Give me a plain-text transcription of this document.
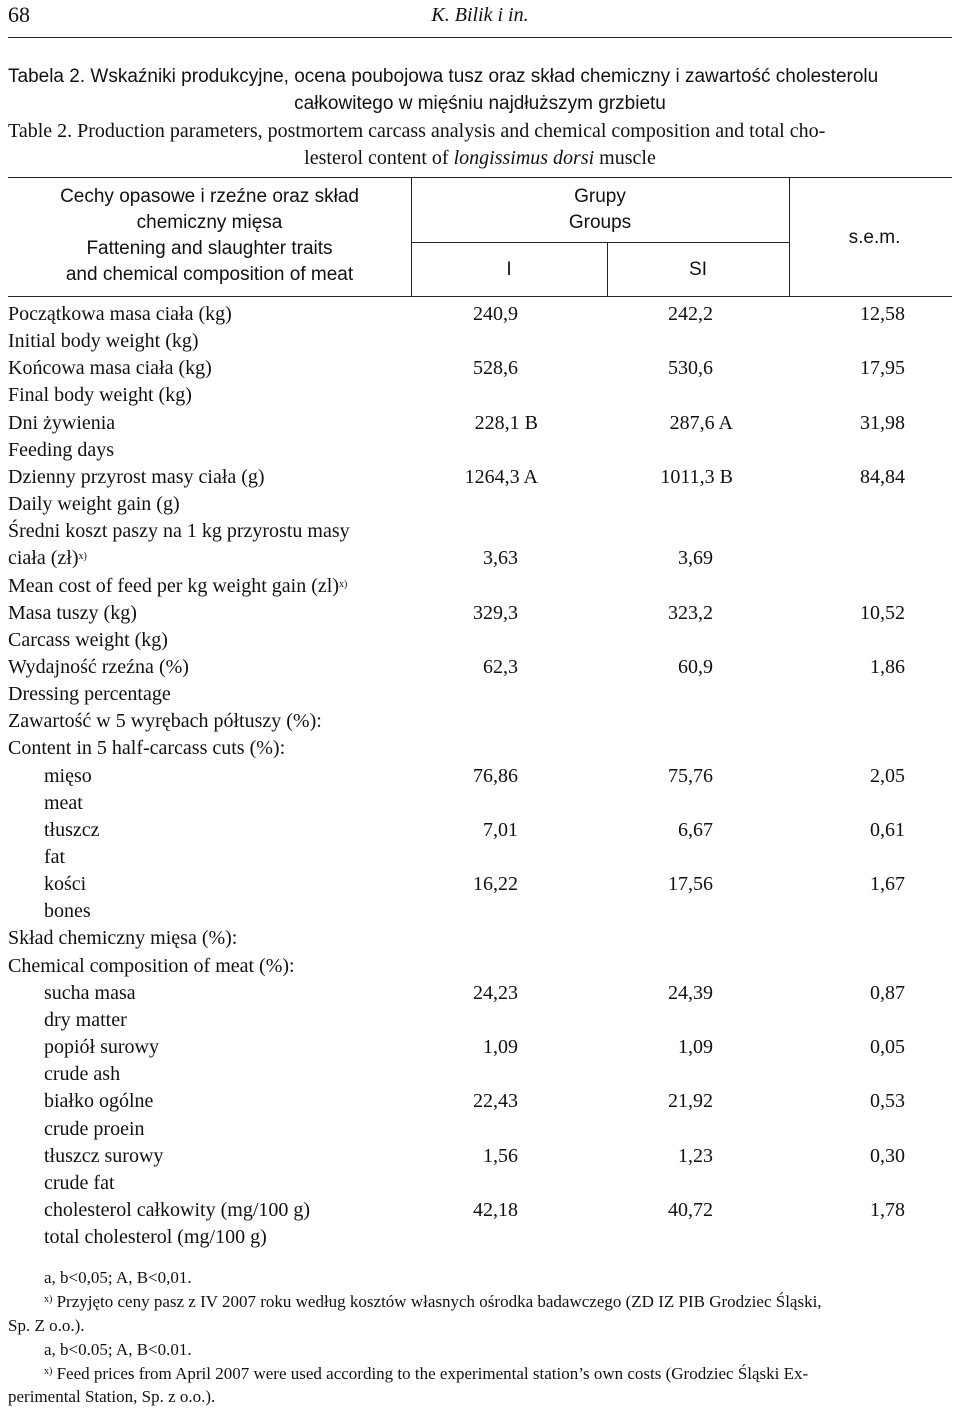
68	K. Bilik i in.
Tabela 2. Wskaźniki produkcyjne, ocena poubojowa tusz oraz skład chemiczny i zawartość cholesterolu
całkowitego w mięśniu najdłuższym grzbietu
Table 2. Production parameters, postmortem carcass analysis and chemical composition and total cho-
lesterol content of longissimus dorsi muscle
Cechy opasowe i rzeźne oraz skład
chemiczny mięsa
Fattening and slaughter traits
and chemical composition of meat
Grupy
Groups
I	SI
s.e.m.
Początkowa masa ciała (kg)	240,9	242,2	12,58
Initial body weight (kg)
Końcowa masa ciała (kg)	528,6	530,6	17,95
Final body weight (kg)
Dni żywienia	228,1 B	287,6 A	31,98
Feeding days
Dzienny przyrost masy ciała (g)	1264,3 A	1011,3 B	84,84
Daily weight gain (g)
Średni koszt paszy na 1 kg przyrostu masy
ciała (zł)$^{x)}$	3,63	3,69
Mean cost of feed per kg weight gain (zl)$^{x)}$
Masa tuszy (kg)	329,3	323,2	10,52
Carcass weight (kg)
Wydajność rzeźna (%)	62,3	60,9	1,86
Dressing percentage
Zawartość w 5 wyrębach półtuszy (%):
Content in 5 half-carcass cuts (%):
mięso	76,86	75,76	2,05
meat
tłuszcz	7,01	6,67	0,61
fat
kości	16,22	17,56	1,67
bones
Skład chemiczny mięsa (%):
Chemical composition of meat (%):
sucha masa	24,23	24,39	0,87
dry matter
popiół surowy	1,09	1,09	0,05
crude ash
białko ogólne	22,43	21,92	0,53
crude proein
tłuszcz surowy	1,56	1,23	0,30
crude fat
cholesterol całkowity (mg/100 g)	42,18	40,72	1,78
total cholesterol (mg/100 g)
a, b<0,05; A, B<0,01.
$^{x)}$ Przyjęto ceny pasz z IV 2007 roku według kosztów własnych ośrodka badawczego (ZD IZ PIB Grodziec Śląski,
Sp. Z o.o.).
a, b<0.05; A, B<0.01.
$^{x)}$ Feed prices from April 2007 were used according to the experimental station’s own costs (Grodziec Śląski Ex-
perimental Station, Sp. z o.o.).
